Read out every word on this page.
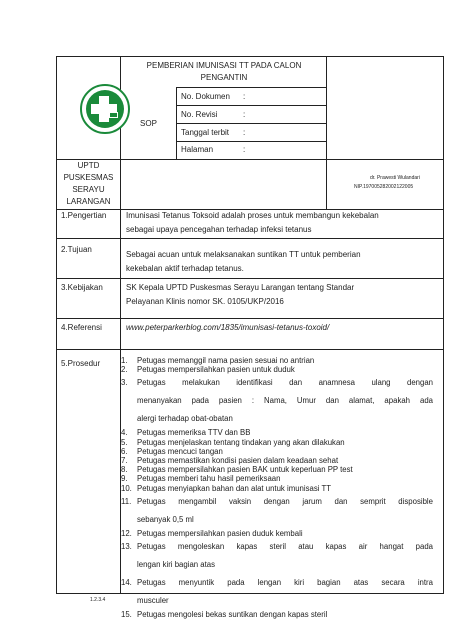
PEMBERIAN IMUNISASI TT PADA CALON
PENGANTIN
SOP
No. Dokumen :
No. Revisi	:
Tanggal terbit :
Halaman	:
UPTD
PUSKESMAS
SERAYU
LARANGAN
dr. Prawesti Wulandari
NIP.197005282002122005
1.Pengertian Imunisasi Tetanus Toksoid adalah proses untuk membangun kekebalan
sebagai upaya pencegahan terhadap infeksi tetanus
2.Tujuan
Sebagai acuan untuk melaksanakan suntikan TT untuk pemberian
kekebalan aktif terhadap tetanus.
3.Kebijakan	SK Kepala UPTD Puskesmas Serayu Larangan tentang Standar
Pelayanan Klinis nomor SK. 0105/UKP/2016
4.Referensi	www.peterparkerblog.com/1835/imunisasi-tetanus-toxoid/
5.Prosedur	1. Petugas memanggil nama pasien sesuai no antrian
2. Petugas mempersilahkan pasien untuk duduk
3. Petugas melakukan identifikasi dan anamnesa ulang dengan
menanyakan pada pasien : Nama, Umur dan alamat, apakah ada
alergi terhadap obat-obatan
4. Petugas memeriksa TTV dan BB
5. Petugas menjelaskan tentang tindakan yang akan dilakukan
6. Petugas mencuci tangan
7. Petugas memastikan kondisi pasien dalam keadaan sehat
8. Petugas mempersilahkan pasien BAK untuk keperluan PP test
9. Petugas memberi tahu hasil pemeriksaan
10. Petugas menyiapkan bahan dan alat untuk imunisasi TT
11. Petugas mengambil vaksin dengan jarum dan semprit disposible
sebanyak 0,5 ml
12. Petugas mempersilahkan pasien duduk kembali
13. Petugas mengoleskan kapas steril atau kapas air hangat pada
lengan kiri bagian atas
14. Petugas menyuntik pada lengan kiri bagian atas secara intra
musculer
15. Petugas mengolesi bekas suntikan dengan kapas steril
1.2.3.4
